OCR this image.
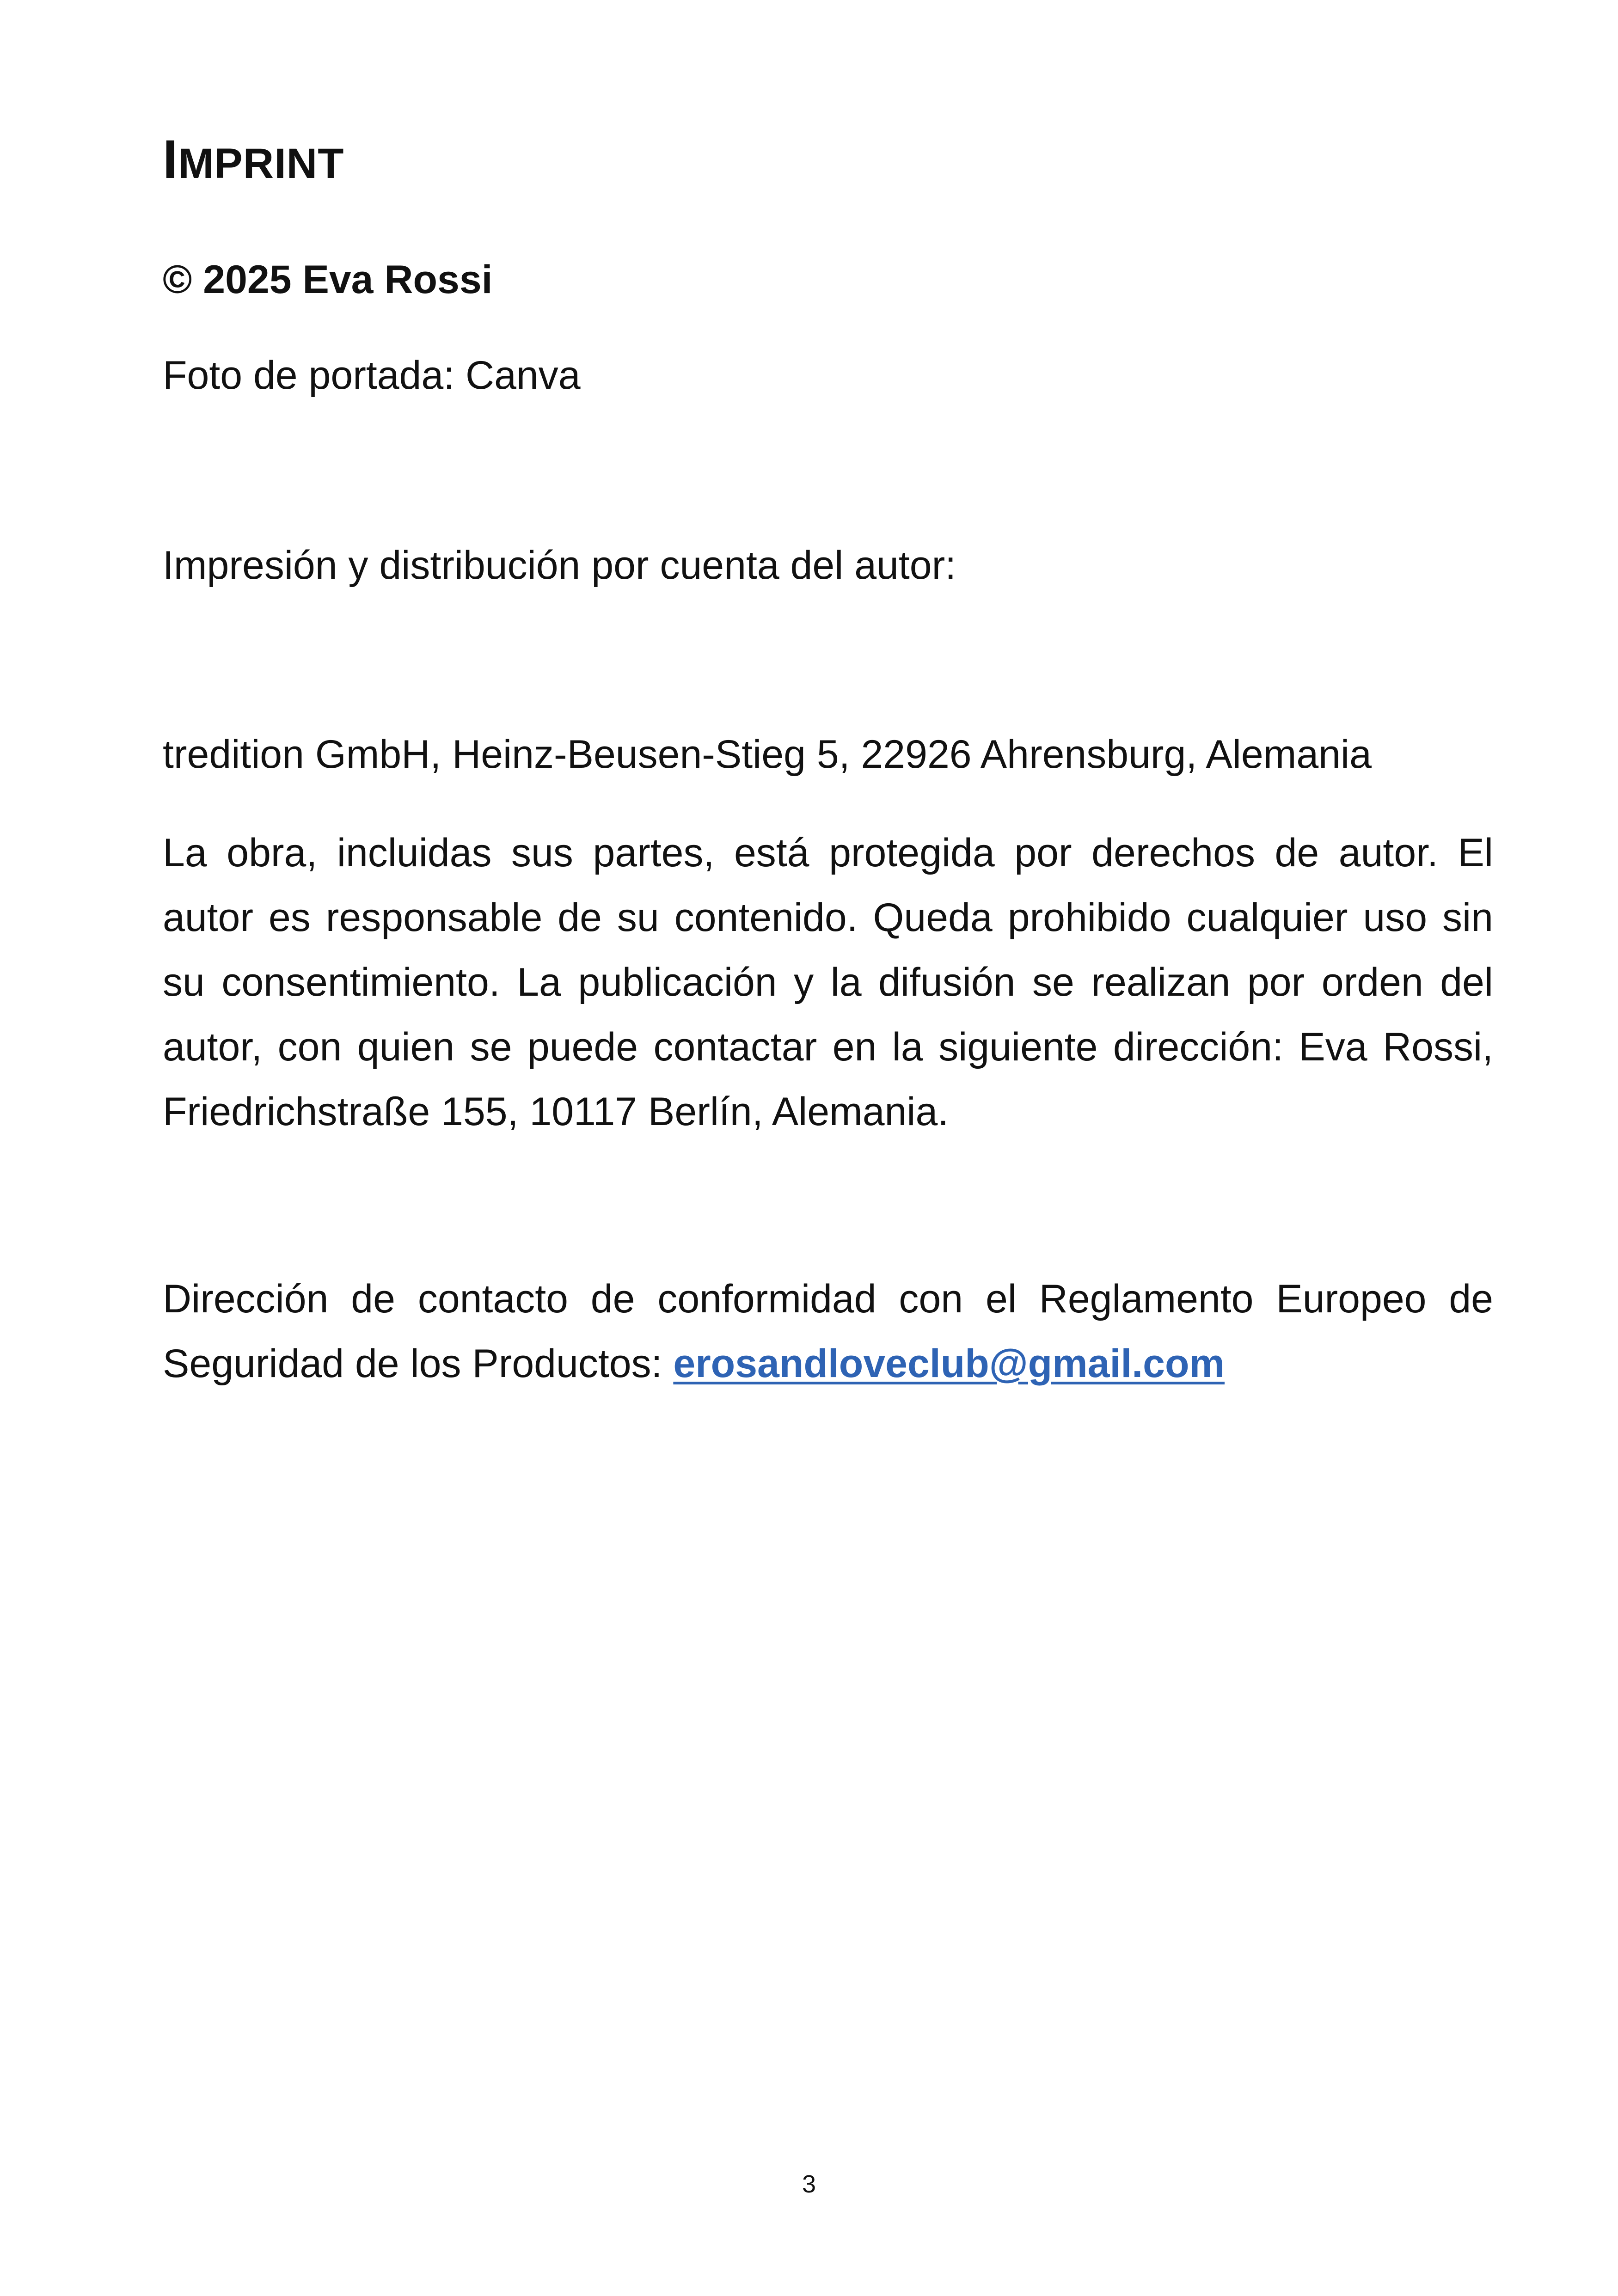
IMPRINT

© 2025 Eva Rossi

Foto de portada: Canva

Impresión y distribución por cuenta del autor:

tredition GmbH, Heinz-Beusen-Stieg 5, 22926 Ahrensburg, Alemania

La obra, incluidas sus partes, está protegida por derechos de autor. El autor es responsable de su contenido. Queda prohibido cualquier uso sin su consentimiento. La publicación y la difusión se realizan por orden del autor, con quien se puede contactar en la siguiente dirección: Eva Rossi, Friedrichstraße 155, 10117 Berlín, Alemania.

Dirección de contacto de conformidad con el Reglamento Europeo de Seguridad de los Productos: erosandloveclub@gmail.com

3
